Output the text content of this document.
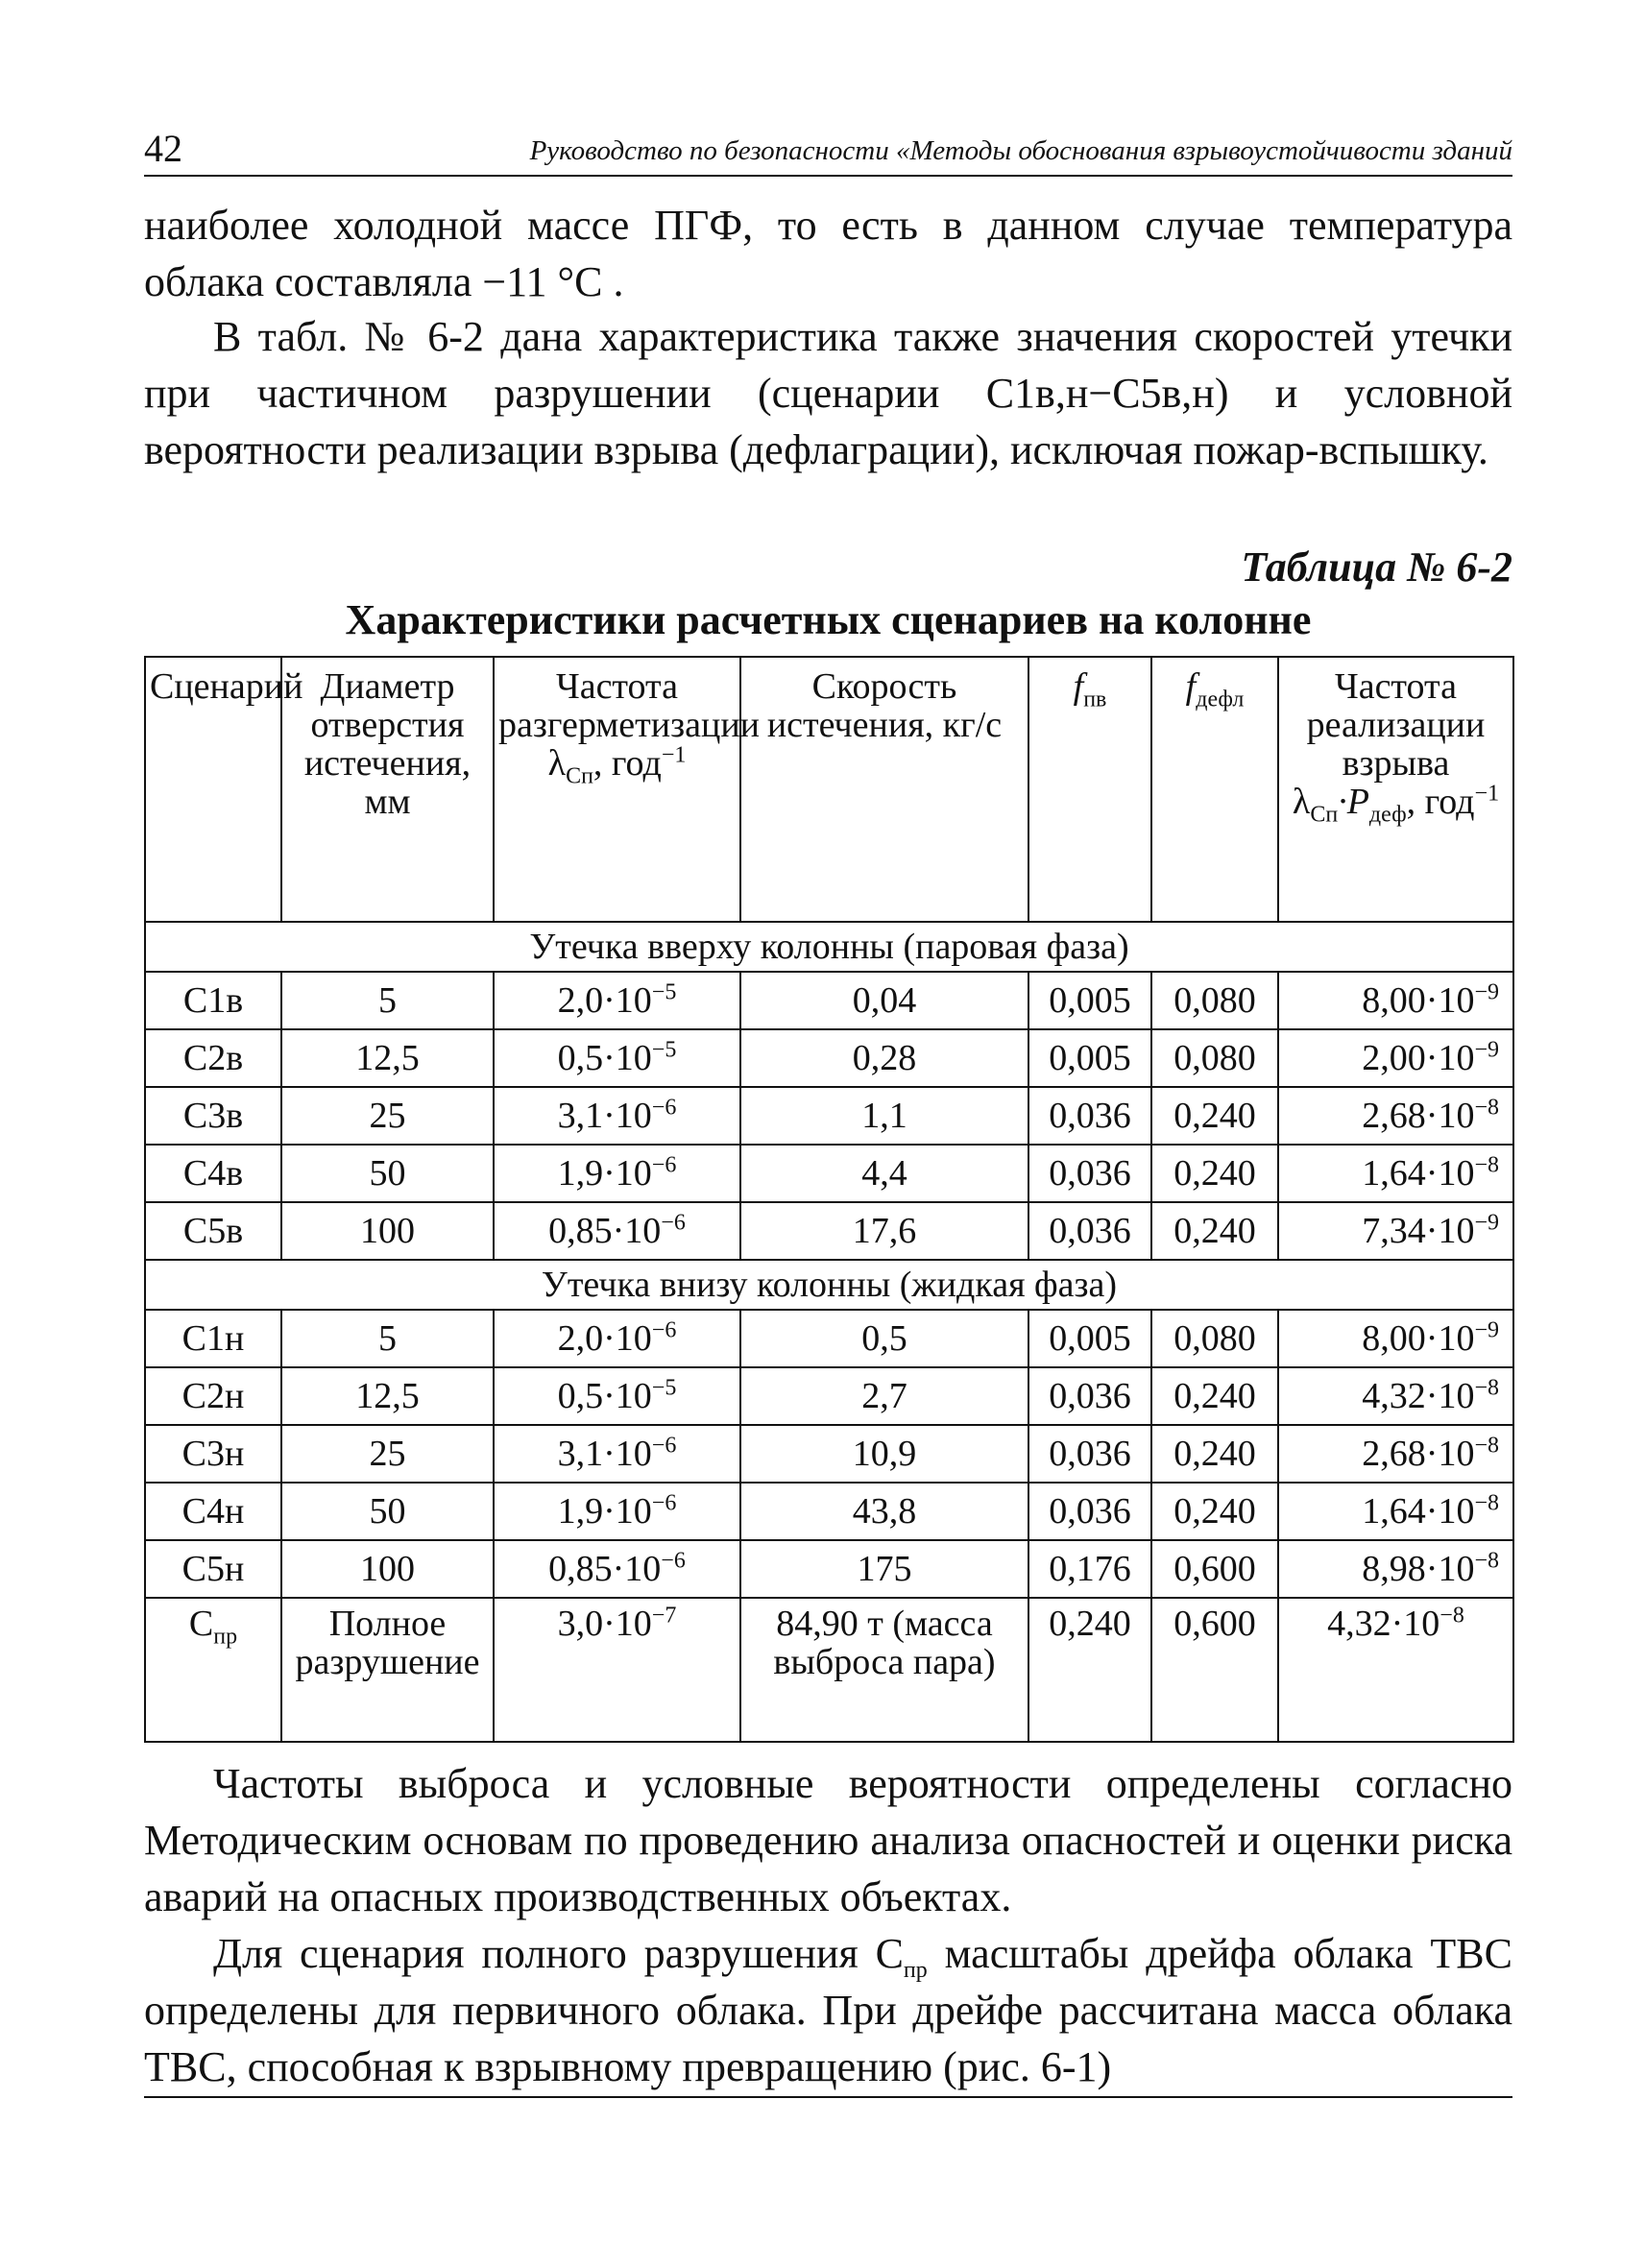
42	Руководство по безопасности «Методы обоснования взрывоустойчивости зданий

наиболее холодной массе ПГФ, то есть в данном случае температура облака составляла −11 °С .

В табл. № 6-2 дана характеристика также значения скоростей утечки при частичном разрушении (сценарии С1в,н−С5в,н) и условной вероятности реализации взрыва (дефлаграции), исключая пожар-вспышку.

Таблица № 6-2
Характеристики расчетных сценариев на колонне
Сценарий	Диаметр отверстия истечения, мм	Частота разгерметизации $\lambda_{Cп}$, год$^{-1}$	Скорость истечения, кг/с	$f_{пв}$	$f_{дефл}$	Частота реализации взрыва $\lambda_{Cп}\cdot P_{деф}$, год$^{-1}$
Утечка вверху колонны (паровая фаза)						
С1в	5	$2,0\cdot 10^{-5}$	0,04	0,005	0,080	$8,00\cdot 10^{-9}$
С2в	12,5	$0,5\cdot 10^{-5}$	0,28	0,005	0,080	$2,00\cdot 10^{-9}$
С3в	25	$3,1\cdot 10^{-6}$	1,1	0,036	0,240	$2,68\cdot 10^{-8}$
С4в	50	$1,9\cdot 10^{-6}$	4,4	0,036	0,240	$1,64\cdot 10^{-8}$
С5в	100	$0,85\cdot 10^{-6}$	17,6	0,036	0,240	$7,34\cdot 10^{-9}$
Утечка внизу колонны (жидкая фаза)						
С1н	5	$2,0\cdot 10^{-6}$	0,5	0,005	0,080	$8,00\cdot 10^{-9}$
С2н	12,5	$0,5\cdot 10^{-5}$	2,7	0,036	0,240	$4,32\cdot 10^{-8}$
С3н	25	$3,1\cdot 10^{-6}$	10,9	0,036	0,240	$2,68\cdot 10^{-8}$
С4н	50	$1,9\cdot 10^{-6}$	43,8	0,036	0,240	$1,64\cdot 10^{-8}$
С5н	100	$0,85\cdot 10^{-6}$	175	0,176	0,600	$8,98\cdot 10^{-8}$
$С_{пр}$	Полное разрушение	$3,0\cdot 10^{-7}$	84,90 т (масса выброса пара)	0,240	0,600	$4,32\cdot 10^{-8}$

Частоты выброса и условные вероятности определены согласно Методическим основам по проведению анализа опасностей и оценки риска аварий на опасных производственных объектах.

Для сценария полного разрушения $С_{пр}$ масштабы дрейфа облака ТВС определены для первичного облака. При дрейфе рассчитана масса облака ТВС, способная к взрывному превращению (рис. 6-1)
